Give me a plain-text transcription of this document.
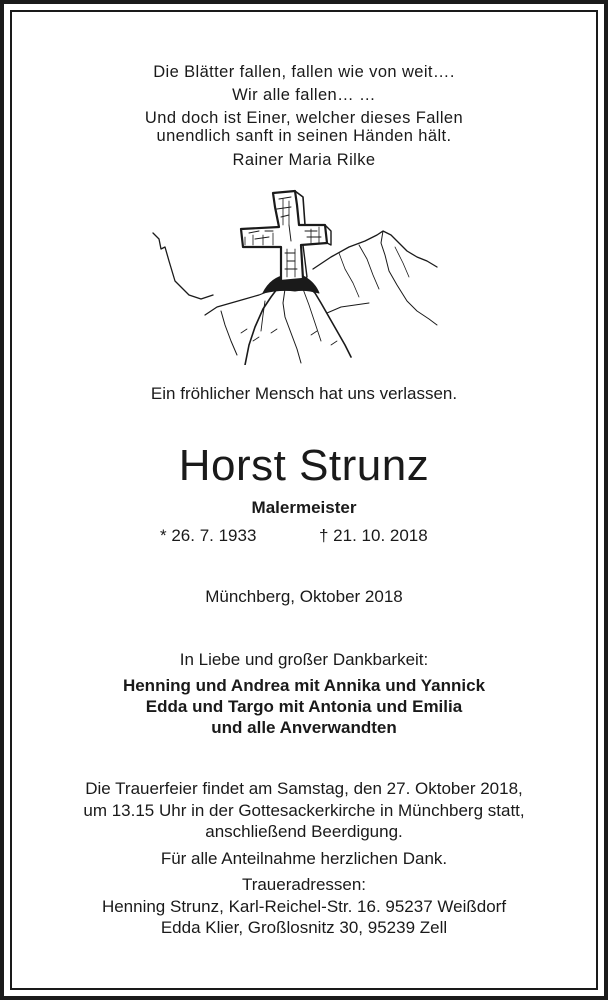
Die Blätter fallen, fallen wie von weit….
Wir alle fallen… …
Und doch ist Einer, welcher dieses Fallen
unendlich sanft in seinen Händen hält.
Rainer Maria Rilke
Ein fröhlicher Mensch hat uns verlassen.
Horst Strunz
Malermeister
* 26. 7. 1933	† 21. 10. 2018
Münchberg, Oktober 2018
In Liebe und großer Dankbarkeit:
Henning und Andrea mit Annika und Yannick
Edda und Targo mit Antonia und Emilia
und alle Anverwandten
Die Trauerfeier findet am Samstag, den 27. Oktober 2018,
um 13.15 Uhr in der Gottesackerkirche in Münchberg statt,
anschließend Beerdigung.
Für alle Anteilnahme herzlichen Dank.
Traueradressen:
Henning Strunz, Karl-Reichel-Str. 16. 95237 Weißdorf
Edda Klier, Großlosnitz 30, 95239 Zell
